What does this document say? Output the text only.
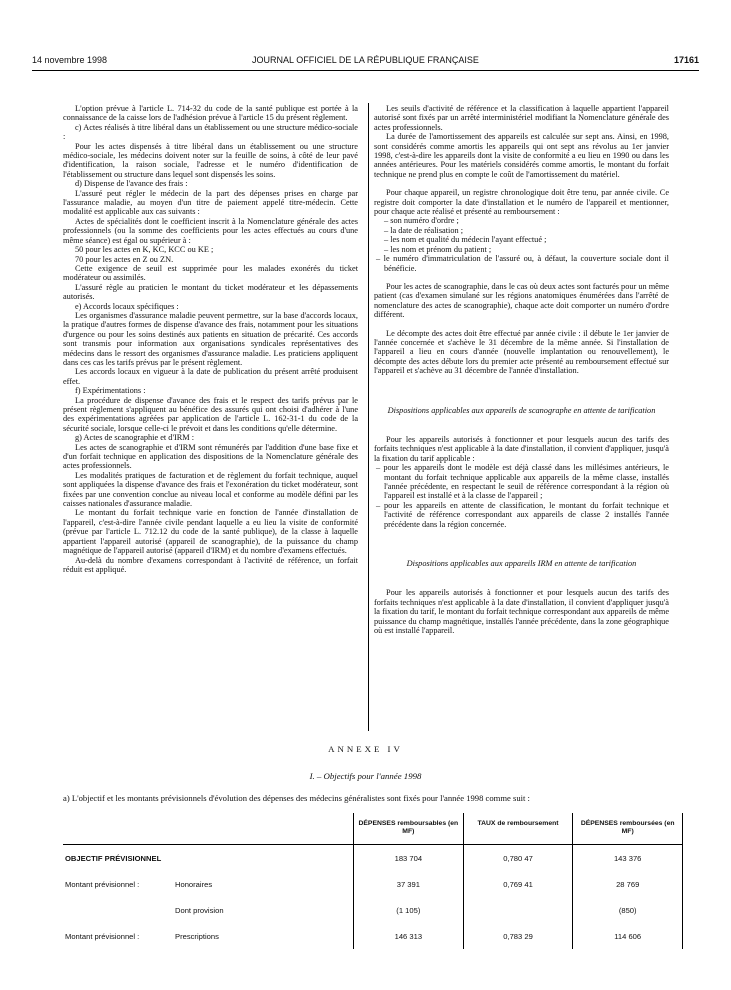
14 novembre 1998	JOURNAL OFFICIEL DE LA RÉPUBLIQUE FRANÇAISE	17161

L'option prévue à l'article L. 714-32 du code de la santé publique est portée à la connaissance de la caisse lors de l'adhésion prévue à l'article 15 du présent règlement.

c) Actes réalisés à titre libéral dans un établissement ou une structure médico-sociale :

Pour les actes dispensés à titre libéral dans un établissement ou une structure médico-sociale, les médecins doivent noter sur la feuille de soins, à côté de leur pavé d'identification, la raison sociale, l'adresse et le numéro d'identification de l'établissement ou structure dans lequel sont dispensés les soins.

d) Dispense de l'avance des frais :

L'assuré peut régler le médecin de la part des dépenses prises en charge par l'assurance maladie, au moyen d'un titre de paiement appelé titre-médecin. Cette modalité est applicable aux cas suivants :

Actes de spécialités dont le coefficient inscrit à la Nomenclature générale des actes professionnels (ou la somme des coefficients pour les actes effectués au cours d'une même séance) est égal ou supérieur à :

50 pour les actes en K, KC, KCC ou KE ;

70 pour les actes en Z ou ZN.

Cette exigence de seuil est supprimée pour les malades exonérés du ticket modérateur ou assimilés.

L'assuré règle au praticien le montant du ticket modérateur et les dépassements autorisés.

e) Accords locaux spécifiques :

Les organismes d'assurance maladie peuvent permettre, sur la base d'accords locaux, la pratique d'autres formes de dispense d'avance des frais, notamment pour les situations d'urgence ou pour les soins destinés aux patients en situation de précarité. Ces accords sont transmis pour information aux organisations syndicales représentatives des médecins dans le ressort des organismes d'assurance maladie. Les praticiens appliquent dans ces cas les tarifs prévus par le présent règlement.

Les accords locaux en vigueur à la date de publication du présent arrêté produisent effet.

f) Expérimentations :

La procédure de dispense d'avance des frais et le respect des tarifs prévus par le présent règlement s'appliquent au bénéfice des assurés qui ont choisi d'adhérer à l'une des expérimentations agréées par application de l'article L. 162-31-1 du code de la sécurité sociale, lorsque celle-ci le prévoit et dans les conditions qu'elle détermine.

g) Actes de scanographie et d'IRM :

Les actes de scanographie et d'IRM sont rémunérés par l'addition d'une base fixe et d'un forfait technique en application des dispositions de la Nomenclature générale des actes professionnels.

Les modalités pratiques de facturation et de règlement du forfait technique, auquel sont appliquées la dispense d'avance des frais et l'exonération du ticket modérateur, sont fixées par une convention conclue au niveau local et conforme au modèle défini par les caisses nationales d'assurance maladie.

Le montant du forfait technique varie en fonction de l'année d'installation de l'appareil, c'est-à-dire l'année civile pendant laquelle a eu lieu la visite de conformité (prévue par l'article L. 712.12 du code de la santé publique), de la classe à laquelle appartient l'appareil autorisé (appareil de scanographie), de la puissance du champ magnétique de l'appareil autorisé (appareil d'IRM) et du nombre d'examens effectués.

Au-delà du nombre d'examens correspondant à l'activité de référence, un forfait réduit est appliqué.

Les seuils d'activité de référence et la classification à laquelle appartient l'appareil autorisé sont fixés par un arrêté interministériel modifiant la Nomenclature générale des actes professionnels.

La durée de l'amortissement des appareils est calculée sur sept ans. Ainsi, en 1998, sont considérés comme amortis les appareils qui ont sept ans révolus au 1er janvier 1998, c'est-à-dire les appareils dont la visite de conformité a eu lieu en 1990 ou dans les années antérieures. Pour les matériels considérés comme amortis, le montant du forfait technique ne prend plus en compte le coût de l'amortissement du matériel.

Pour chaque appareil, un registre chronologique doit être tenu, par année civile. Ce registre doit comporter la date d'installation et le numéro de l'appareil et mentionner, pour chaque acte réalisé et présenté au remboursement :

– son numéro d'ordre ;

– la date de réalisation ;

– les nom et qualité du médecin l'ayant effectué ;

– les nom et prénom du patient ;

– le numéro d'immatriculation de l'assuré ou, à défaut, la couverture sociale dont il bénéficie.

Pour les actes de scanographie, dans le cas où deux actes sont facturés pour un même patient (cas d'examen simulané sur les régions anatomiques énumérées dans l'arrêté de nomenclature des actes de scanographie), chaque acte doit comporter un numéro d'ordre différent.

Le décompte des actes doit être effectué par année civile : il débute le 1er janvier de l'année concernée et s'achève le 31 décembre de la même année. Si l'installation de l'appareil a lieu en cours d'année (nouvelle implantation ou renouvellement), le décompte des actes débute lors du premier acte présenté au remboursement effectué sur l'appareil et s'achève au 31 décembre de l'année d'installation.

Dispositions applicables aux appareils de scanographe en attente de tarification

Pour les appareils autorisés à fonctionner et pour lesquels aucun des tarifs des forfaits techniques n'est applicable à la date d'installation, il convient d'appliquer, jusqu'à la fixation du tarif applicable :

– pour les appareils dont le modèle est déjà classé dans les millésimes antérieurs, le montant du forfait technique applicable aux appareils de la même classe, installés l'année précédente, en respectant le seuil de référence correspondant à la région où l'appareil est installé et à la classe de l'appareil ;

– pour les appareils en attente de classification, le montant du forfait technique et l'activité de référence correspondant aux appareils de classe 2 installés l'année précédente dans la région concernée.

Dispositions applicables aux appareils IRM en attente de tarification

Pour les appareils autorisés à fonctionner et pour lesquels aucun des tarifs des forfaits techniques n'est applicable à la date d'installation, il convient d'appliquer jusqu'à la fixation du tarif, le montant du forfait technique correspondant aux appareils de même puissance du champ magnétique, installés l'année précédente, dans la zone géographique où est installé l'appareil.

ANNEXE IV
I. – Objectifs pour l'année 1998
a) L'objectif et les montants prévisionnels d'évolution des dépenses des médecins généralistes sont fixés pour l'année 1998 comme suit :
	DÉPENSES remboursables (en MF)	TAUX de remboursement	DÉPENSES remboursées (en MF)
OBJECTIF PRÉVISIONNEL	183 704	0,780 47	143 376
Montant prévisionnel : Honoraires	37 391	0,769 41	28 769
Dont provision	(1 105)		(850)
Montant prévisionnel : Prescriptions	146 313	0,783 29	114 606
